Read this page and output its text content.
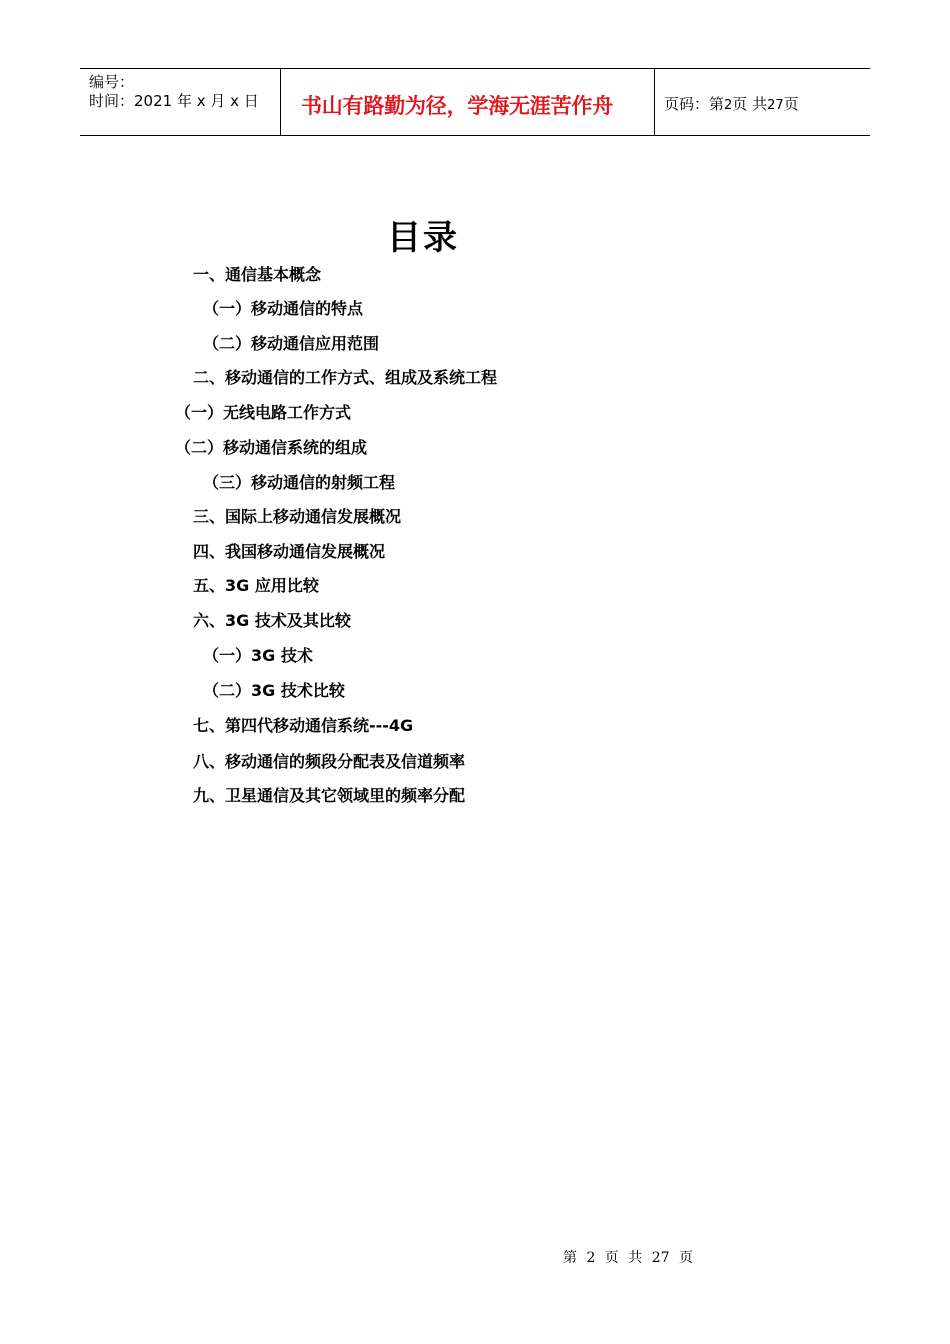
编号：
时间：2021 年 x 月 x 日 书山有路勤为径，学海无涯苦作舟	页码：第2页 共27页
目录
一、通信基本概念
（一）移动通信的特点
（二）移动通信应用范围
二、移动通信的工作方式、组成及系统工程
（一）无线电路工作方式
（二）移动通信系统的组成
（三）移动通信的射频工程
三、国际上移动通信发展概况
四、我国移动通信发展概况
五、3G 应用比较
六、3G 技术及其比较
（一）3G 技术
（二）3G 技术比较
七、第四代移动通信系统---4G
八、移动通信的频段分配表及信道频率
九、卫星通信及其它领域里的频率分配
第 2 页 共 27 页
